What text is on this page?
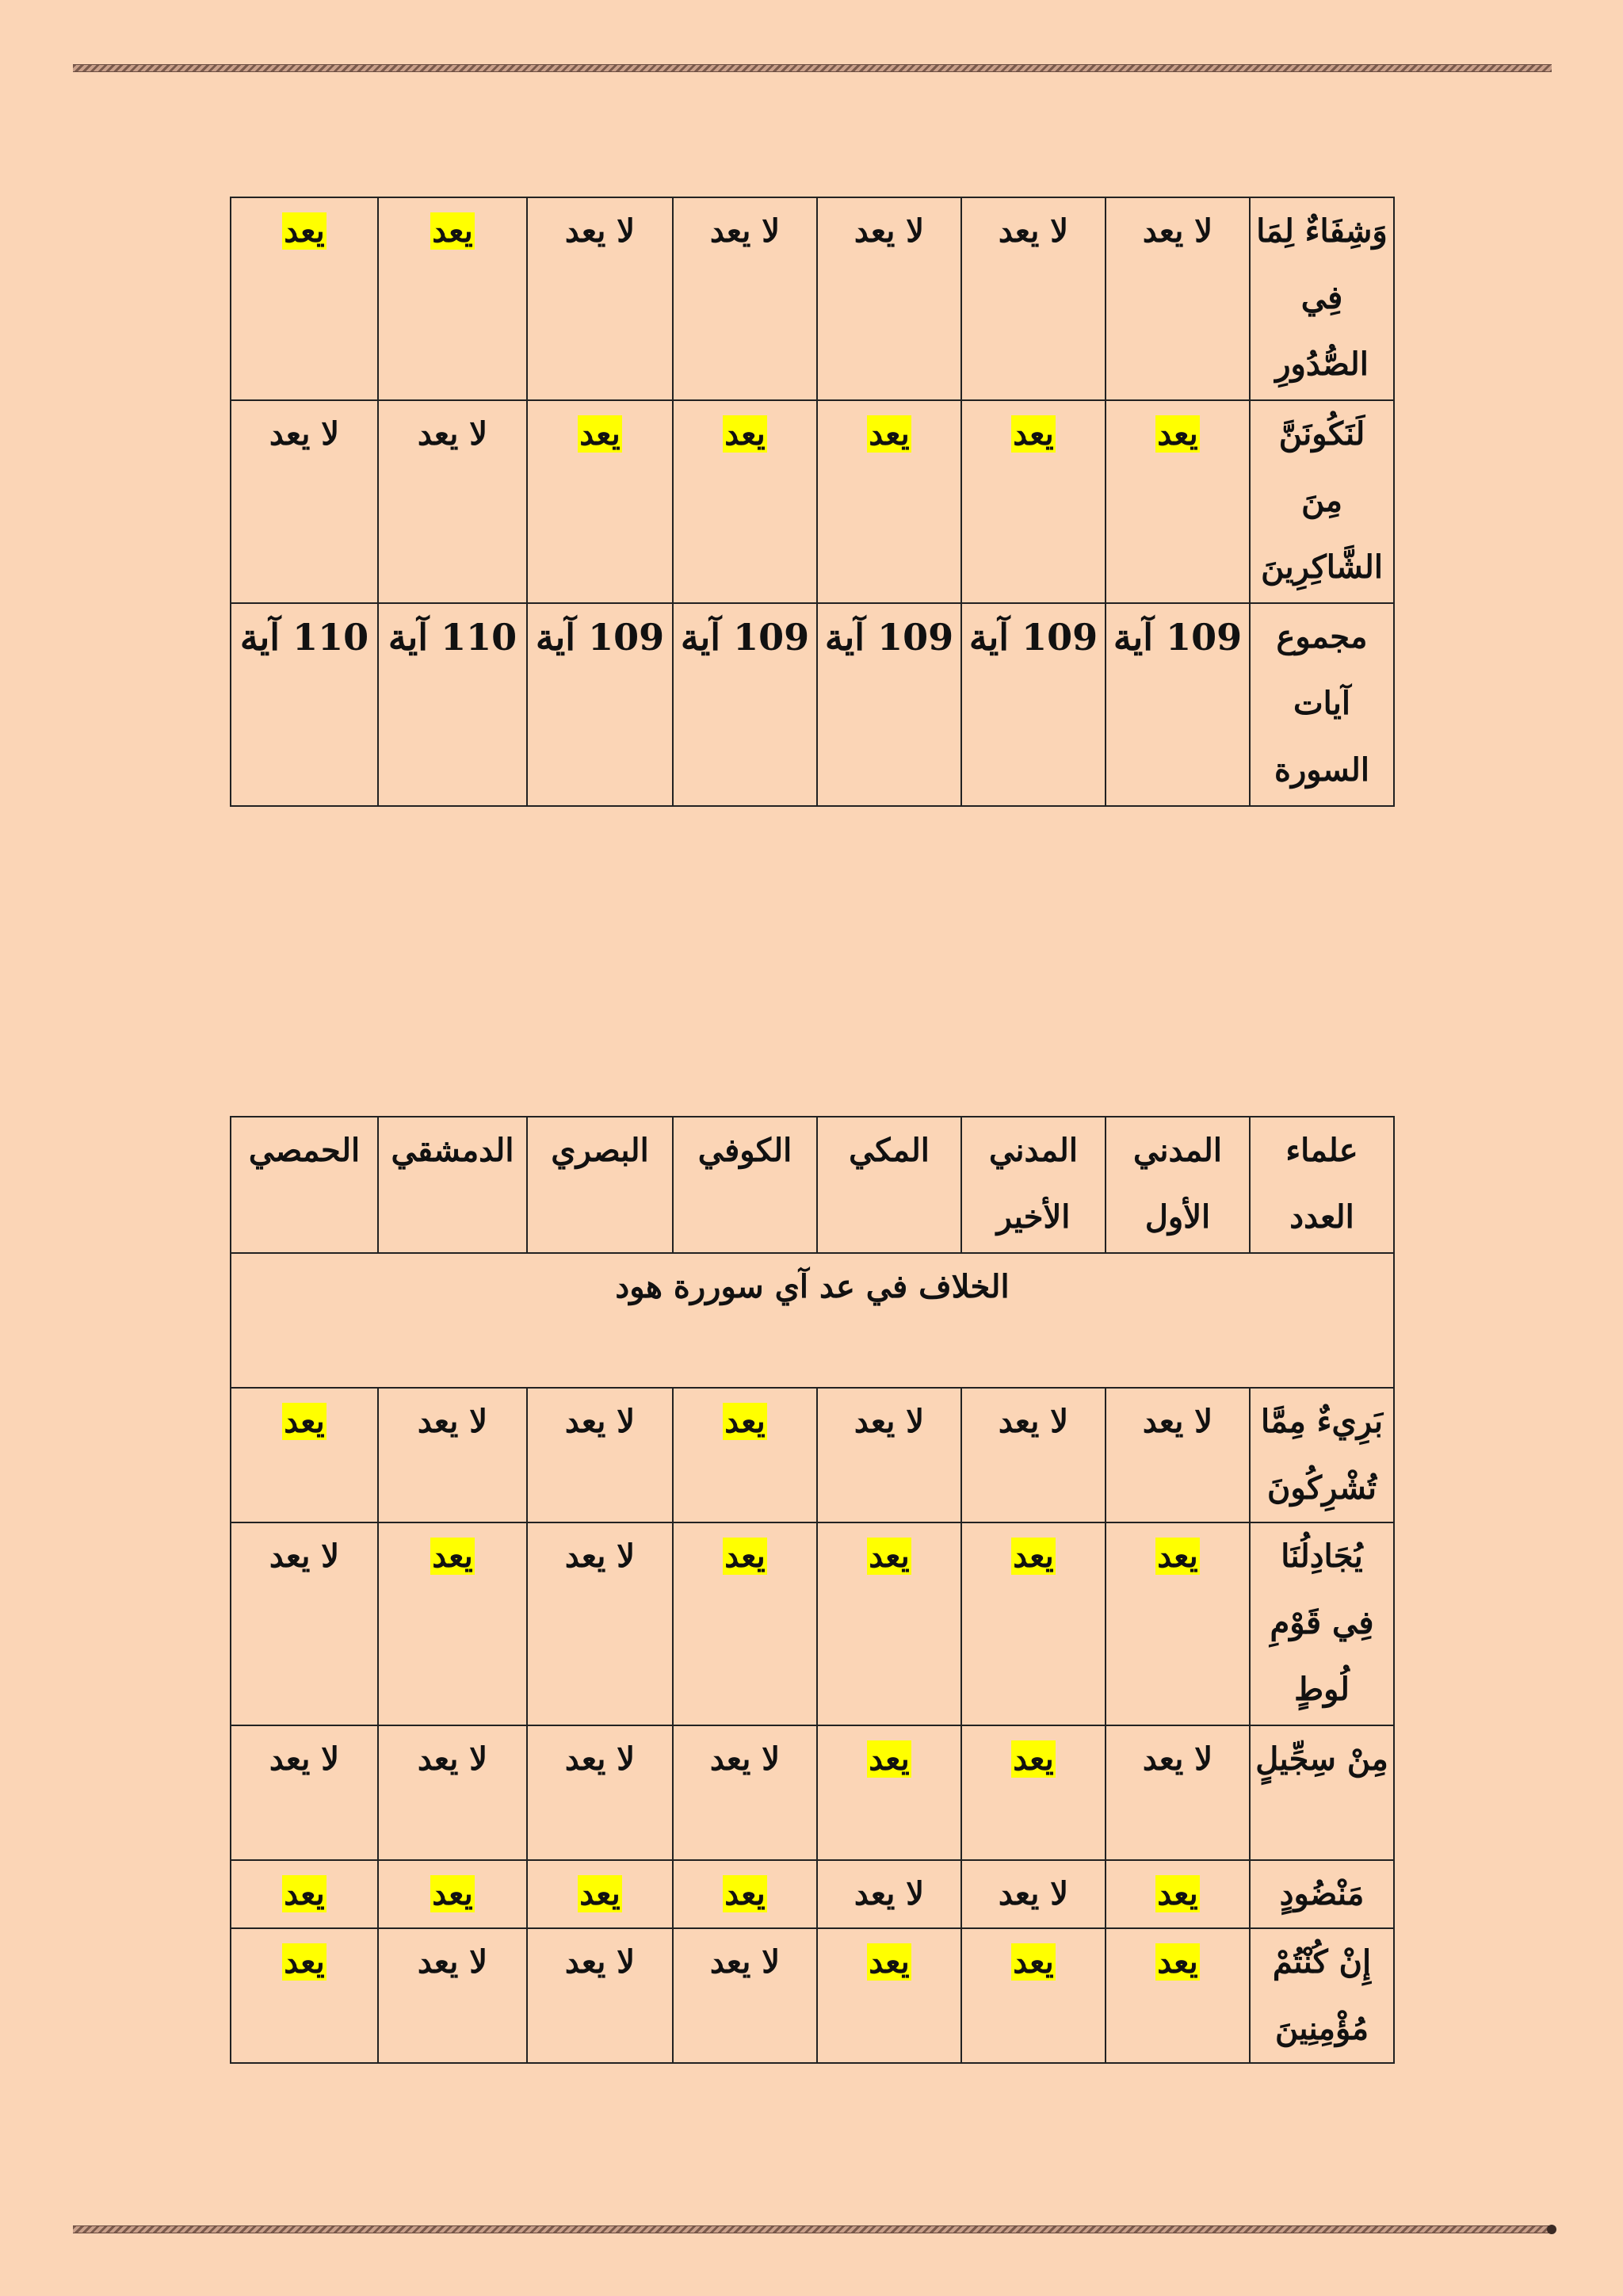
وَشِفَاءٌ لِمَا فِي الصُّدُورِ	لا يعد	لا يعد	لا يعد	لا يعد	لا يعد	يعد	يعد
لَنَكُونَنَّ مِنَ الشَّاكِرِينَ	يعد	يعد	يعد	يعد	يعد	لا يعد	لا يعد
مجموع آيات السورة	109 آية	109 آية	109 آية	109 آية	109 آية	110 آية	110 آية
علماء العدد	المدني الأول	المدني الأخير	المكي	الكوفي	البصري	الدمشقي	الحمصي
الخلاف في عد آي سوررة هود							
بَرِيءٌ مِمَّا تُشْرِكُونَ	لا يعد	لا يعد	لا يعد	يعد	لا يعد	لا يعد	يعد
يُجَادِلُنَا فِي قَوْمِ لُوطٍ	يعد	يعد	يعد	يعد	لا يعد	يعد	لا يعد
مِنْ سِجِّيلٍ	لا يعد	يعد	يعد	لا يعد	لا يعد	لا يعد	لا يعد
مَنْضُودٍ	يعد	لا يعد	لا يعد	يعد	يعد	يعد	يعد
إِنْ كُنْتُمْ مُؤْمِنِينَ	يعد	يعد	يعد	لا يعد	لا يعد	لا يعد	يعد
